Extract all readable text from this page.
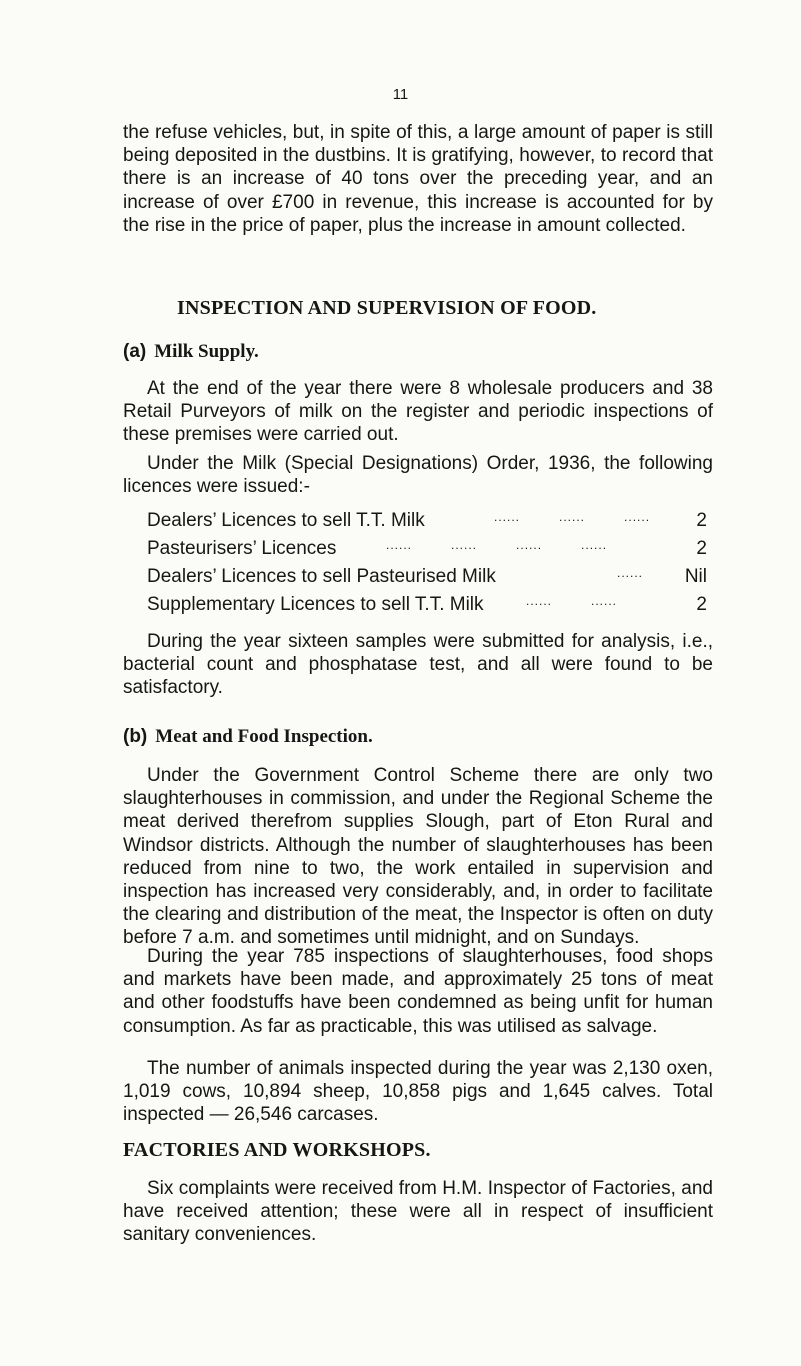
11

the refuse vehicles, but, in spite of this, a large amount of paper is still being deposited in the dustbins. It is gratifying, however, to record that there is an increase of 40 tons over the preceding year, and an increase of over £700 in revenue, this increase is accounted for by the rise in the price of paper, plus the increase in amount collected.

INSPECTION AND SUPERVISION OF FOOD.
(a) Milk Supply.

At the end of the year there were 8 wholesale producers and 38 Retail Purveyors of milk on the register and periodic inspections of these premises were carried out.

Under the Milk (Special Designations) Order, 1936, the following licences were issued:-

Dealers’ Licences to sell T.T. Milk	......         ......         ...... 2
Pasteurisers’ Licences	......         ......         ......         ......	2
Dealers’ Licences to sell Pasteurised Milk	...... Nil
Supplementary Licences to sell T.T. Milk	......         ......	2

During the year sixteen samples were submitted for analysis, i.e., bacterial count and phosphatase test, and all were found to be satisfactory.

(b) Meat and Food Inspection.

Under the Government Control Scheme there are only two slaughterhouses in commission, and under the Regional Scheme the meat derived therefrom supplies Slough, part of Eton Rural and Windsor districts. Although the number of slaughterhouses has been reduced from nine to two, the work entailed in supervision and inspection has increased very considerably, and, in order to facilitate the clearing and distribution of the meat, the Inspector is often on duty before 7 a.m. and sometimes until midnight, and on Sundays.

During the year 785 inspections of slaughterhouses, food shops and markets have been made, and approximately 25 tons of meat and other foodstuffs have been condemned as being unfit for human consumption. As far as practicable, this was utilised as salvage.

The number of animals inspected during the year was 2,130 oxen, 1,019 cows, 10,894 sheep, 10,858 pigs and 1,645 calves. Total inspected — 26,546 carcases.

FACTORIES AND WORKSHOPS.

Six complaints were received from H.M. Inspector of Factories, and have received attention; these were all in respect of insufficient sanitary conveniences.
